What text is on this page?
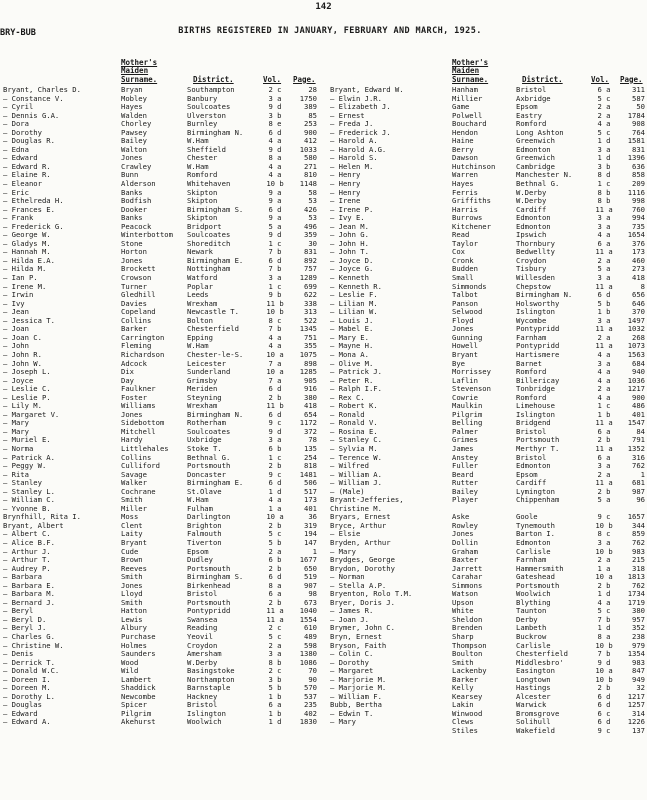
142
BRY-BUB	BIRTHS REGISTERED IN JANUARY, FEBRUARY AND MARCH, 1925.
Mother's
Maiden
Surname.	District.	Vol. Page.
Bryant, Charles D.	Bryan	Southampton	2 c	28
— Constance V.	Mobley	Banbury	3 a	1750
— Cyril	Hayes	Soulcoates	9 d	389
— Dennis G.A.	Walden	Ulverston	3 b	85
— Dora	Chorley	Burnley	8 e	253
— Dorothy	Pawsey	Birmingham N.	6 d	900
— Douglas R.	Bailey	W.Ham	4 a	412
— Edna	Walton	Sheffield	9 d	1033
— Edward	Jones	Chester	8 a	580
— Edward R.	Crawley	W.Ham	4 a	271
— Elaine R.	Bunn	Romford	4 a	810
— Eleanor	Alderson	Whitehaven	10 b	1148
— Eric	Banks	Skipton	9 a	58
— Ethelreda H.	Bodfish	Skipton	9 a	53
— Frances E.	Dooker	Birmingham S.	6 d	426
— Frank	Banks	Skipton	9 a	53
— Frederick G.	Peacock	Bridport	5 a	496
— George W.	Winterbottom	Soulcoates	9 d	359
— Gladys M.	Stone	Shoreditch	1 c	30
— Hannah M.	Horton	Newark	7 b	831
— Hilda E.A.	Jones	Birmingham E.	6 d	892
— Hilda M.	Brockett	Nottingham	7 b	757
— Ian P.	Crowson	Watford	3 a	1289
— Irene M.	Turner	Poplar	1 c	699
— Irwin	Gledhill	Leeds	9 b	622
— Ivy	Davies	Wrexham	11 b	338
— Jean	Copeland	Newcastle T.	10 b	313
— Jessica T.	Collins	Bolton	8 c	522
— Joan	Barker	Chesterfield	7 b	1345
— Joan C.	Carrington	Epping	4 a	751
— John	Fleming	W.Ham	4 a	355
— John R.	Richardson	Chester-le-S.	10 a	1075
— John W.	Adcock	Leicester	7 a	898
— Joseph L.	Dix	Sunderland	10 a	1285
— Joyce	Day	Grimsby	7 a	905
— Leslie C.	Faulkner	Meriden	6 d	916
— Leslie P.	Foster	Steyning	2 b	380
— Lily M.	Williams	Wrexham	11 b	418
— Margaret V.	Jones	Birmingham N.	6 d	654
— Mary	Sidebottom	Rotherham	9 c	1172
— Mary	Mitchell	Soulcoates	9 d	372
— Muriel E.	Hardy	Uxbridge	3 a	78
— Norma	Littlehales	Stoke T.	6 b	135
— Patrick A.	Collins	Bethnal G.	1 c	254
— Peggy W.	Culliford	Portsmouth	2 b	818
— Rita	Savage	Doncaster	9 c	1481
— Stanley	Walker	Birmingham E.	6 d	506
— Stanley L.	Cochrane	St.Olave	1 d	517
— William C.	Smith	W.Ham	4 a	173
— Yvonne B.	Miller	Fulham	1 a	401
Brynfhill, Rita I.	Moss	Darlington	10 a	36
Bryant, Albert	Clent	Brighton	2 b	319
— Albert C.	Laity	Falmouth	5 c	194
— Alice B.F.	Bryant	Tiverton	5 b	147
— Arthur J.	Cude	Epsom	2 a	1
— Arthur T.	Brown	Dudley	6 b	1677
— Audrey P.	Reeves	Portsmouth	2 b	650
— Barbara	Smith	Birmingham S.	6 d	519
— Barbara E.	Jones	Birkenhead	8 a	907
— Barbara M.	Lloyd	Bristol	6 a	98
— Bernard J.	Smith	Portsmouth	2 b	673
— Beryl	Hatton	Pontypridd	11 a	1040
— Beryl D.	Lewis	Swansea	11 a	1554
— Beryl J.	Albury	Reading	2 c	610
— Charles G.	Purchase	Yeovil	5 c	489
— Christine W.	Holmes	Croydon	2 a	598
— Denis	Saunders	Amersham	3 a	1380
— Derrick T.	Wood	W.Derby	8 b	1086
— Donald W.C.	Wild	Basingstoke	2 c	70
— Doreen I.	Lambert	Northampton	3 b	90
— Doreen M.	Shaddick	Barnstaple	5 b	570
— Dorothy L.	Newcombe	Hackney	1 b	537
— Douglas	Spicer	Bristol	6 a	235
— Edward	Pilgrim	Islington	1 b	402
— Edward A.	Akehurst	Woolwich	1 d	1830
Mother's
Maiden
Surname.	District.	Vol. Page.
Bryant, Edward W.	Hanham	Bristol	6 a	311
— Elwin J.R.	Millier	Axbridge	5 c	587
— Elizabeth J.	Game	Epsom	2 a	50
— Ernest	Polwell	Eastry	2 a	1784
— Freda J.	Bouchard	Romford	4 a	908
— Frederick J.	Hendon	Long Ashton	5 c	764
— Harold A.	Haine	Greenwich	1 d	1581
— Harold A.G.	Berry	Edmonton	3 a	831
— Harold S.	Dawson	Greenwich	1 d	1396
— Helen M.	Hutchinson	Cambridge	3 b	636
— Henry	Warren	Manchester N.	8 d	858
— Henry	Hayes	Bethnal G.	1 c	209
— Henry	Ferris	W.Derby	8 b	1116
— Irene	Griffiths	W.Derby	8 b	998
— Irene P.	Harris	Cardiff	11 a	760
— Ivy E.	Burrows	Edmonton	3 a	994
— Jean M.	Kitchener	Edmonton	3 a	735
— John G.	Read	Ipswich	4 a	1654
— John H.	Taylor	Thornbury	6 a	376
— John T.	Cox	Bedwellty	11 a	173
— Joyce D.	Cronk	Croydon	2 a	460
— Joyce G.	Budden	Tisbury	5 a	273
— Kenneth	Small	Willesden	3 a	418
— Kenneth R.	Simmonds	Chepstow	11 a	8
— Leslie F.	Talbot	Birmingham N.	6 d	656
— Lilian M.	Panson	Holsworthy	5 b	646
— Lilian W.	Selwood	Islington	1 b	370
— Louis J.	Floyd	Wycombe	3 a	1497
— Mabel E.	Jones	Pontypridd	11 a	1032
— Mary E.	Gunning	Farnham	2 a	268
— Mayne H.	Howell	Pontypridd	11 a	1073
— Mona A.	Bryant	Hartismere	4 a	1563
— Olive M.	Bye	Barnet	3 a	684
— Patrick J.	Morrissey	Romford	4 a	940
— Peter R.	Laflin	Billericay	4 a	1036
— Ralph I.F.	Stevenson	Tonbridge	2 a	1217
— Rex C.	Cowrie	Romford	4 a	900
— Robert K.	Maulkin	Limehouse	1 c	486
— Ronald	Pilgrim	Islington	1 b	401
— Ronald V.	Belling	Bridgend	11 a	1547
— Rosina E.	Palmer	Bristol	6 a	84
— Stanley C.	Grimes	Portsmouth	2 b	791
— Sylvia M.	James	Merthyr T.	11 a	1352
— Terence W.	Anstey	Bristol	6 a	316
— Wilfred	Fuller	Edmonton	3 a	762
— William A.	Beard	Epsom	2 a	1
— William J.	Rutter	Cardiff	11 a	681
— (Male)	Bailey	Lymington	2 b	987
Bryant-Jefferies,	Player	Chippenham	5 a	96
Christine M.
Bryars, Ernest	Aske	Goole	9 c	1657
Bryce, Arthur	Rowley	Tynemouth	10 b	344
— Elsie	Jones	Barton I.	8 c	859
Bryden, Arthur	Dollin	Edmonton	3 a	762
— Mary	Graham	Carlisle	10 b	983
Brydges, George	Baxter	Farnham	2 a	215
Brydon, Dorothy	Jarrett	Hammersmith	1 a	318
— Norman	Carahar	Gateshead	10 a	1813
— Stella A.P.	Simmons	Portsmouth	2 b	762
Bryenton, Rolo T.M.	Watson	Woolwich	1 d	1734
Bryer, Doris J.	Upson	Blything	4 a	1719
— James R.	White	Taunton	5 c	380
— Joan J.	Sheldon	Derby	7 b	957
Brymer, John C.	Brenden	Lambeth	1 d	352
Bryn, Ernest	Sharp	Buckrow	8 a	238
Bryson, Faith	Thompson	Carlisle	10 b	979
— Colin C.	Boulton	Chesterfield	7 b	1354
— Dorothy	Smith	Middlesbro'	9 d	983
— Margaret	Lackenby	Easington	10 a	847
— Marjorie M.	Barker	Longtown	10 b	949
— Marjorie M.	Kelly	Hastings	2 b	32
— William F.	Kearsey	Alcester	6 d	1217
Bubb, Bertha	Lakin	Warwick	6 d	1257
— Edwin T.	Winwood	Bromsgrove	6 c	314
— Mary	Clews	Solihull	6 d	1226
Stiles	Wakefield	9 c	137
